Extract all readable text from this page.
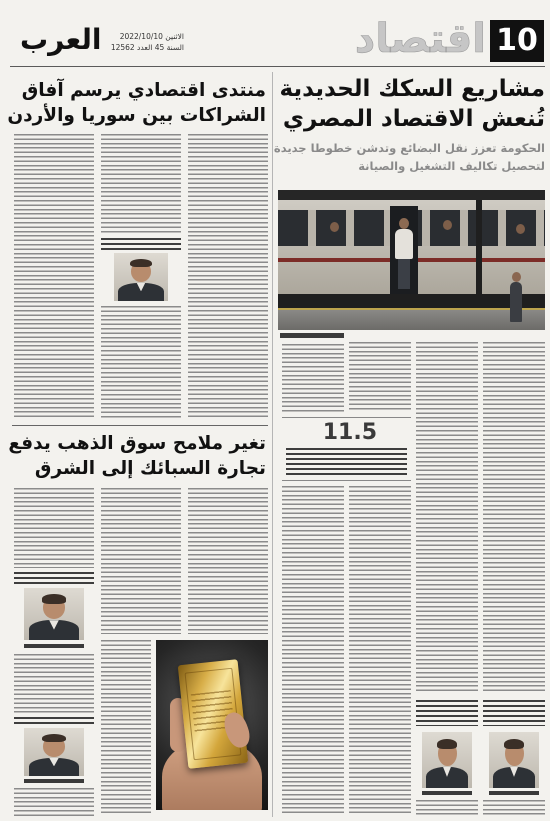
10
اقتصاد
العرب	الاثنين 2022/10/10
السنة 45 العدد 12562
مشاريع السكك الحديدية
تُنعش الاقتصاد المصري
الحكومة تعزز نقل البضائع وتدشن خطوطا جديدة
لتحصيل تكاليف التشغيل والصيانة
11.5
منتدى اقتصادي يرسم آفاق
الشراكات بين سوريا والأردن
تغير ملامح سوق الذهب يدفع
تجارة السبائك إلى الشرق
